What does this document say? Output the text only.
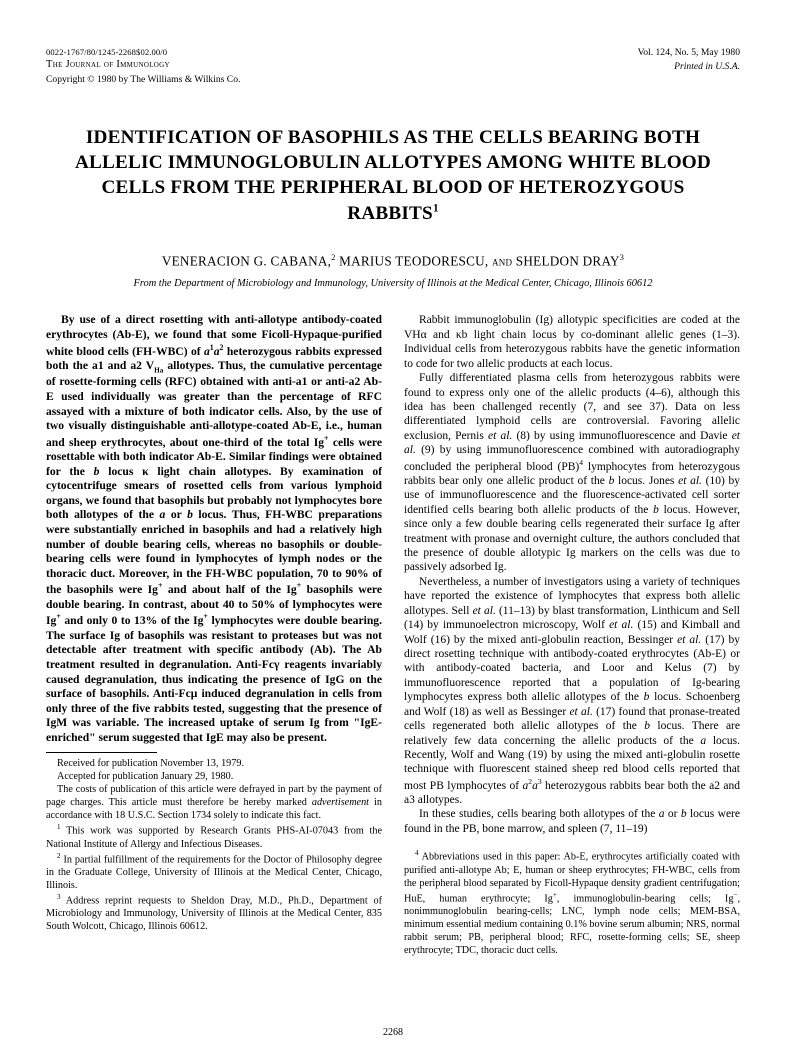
0022-1767/80/1245-2268$02.00/0
The Journal of Immunology
Copyright © 1980 by The Williams & Wilkins Co.
Vol. 124, No. 5, May 1980
Printed in U.S.A.
IDENTIFICATION OF BASOPHILS AS THE CELLS BEARING BOTH ALLELIC IMMUNOGLOBULIN ALLOTYPES AMONG WHITE BLOOD CELLS FROM THE PERIPHERAL BLOOD OF HETEROZYGOUS RABBITS$^1$
VENERACION G. CABANA,$^2$ MARIUS TEODORESCU, and SHELDON DRAY$^3$
From the Department of Microbiology and Immunology, University of Illinois at the Medical Center, Chicago, Illinois 60612
By use of a direct rosetting with anti-allotype antibody-coated erythrocytes (Ab-E), we found that some Ficoll-Hypaque-purified white blood cells (FH-WBC) of $a^1a^2$ heterozygous rabbits expressed both the a1 and a2 $V_{Ha}$ allotypes. Thus, the cumulative percentage of rosette-forming cells (RFC) obtained with anti-a1 or anti-a2 Ab-E used individually was greater than the percentage of RFC assayed with a mixture of both indicator cells. Also, by the use of two visually distinguishable anti-allotype-coated Ab-E, i.e., human and sheep erythrocytes, about one-third of the total Ig+ cells were rosettable with both indicator Ab-E. Similar findings were obtained for the b locus κ light chain allotypes. By examination of cytocentrifuge smears of rosetted cells from various lymphoid organs, we found that basophils but probably not lymphocytes bore both allotypes of the a or b locus. Thus, FH-WBC preparations were substantially enriched in basophils and had a relatively high number of double bearing cells, whereas no basophils or double-bearing cells were found in lymphocytes of lymph nodes or the thoracic duct. Moreover, in the FH-WBC population, 70 to 90% of the basophils were Ig+ and about half of the Ig+ basophils were double bearing. In contrast, about 40 to 50% of lymphocytes were Ig+ and only 0 to 13% of the Ig+ lymphocytes were double bearing. The surface Ig of basophils was resistant to proteases but was not detectable after treatment with specific antibody (Ab). The Ab treatment resulted in degranulation. Anti-Fcγ reagents invariably caused degranulation, thus indicating the presence of IgG on the surface of basophils. Anti-Fcμ induced degranulation in cells from only three of the five rabbits tested, suggesting that the presence of IgM was variable. The increased uptake of serum Ig from "IgE-enriched" serum suggested that IgE may also be present.

Received for publication November 13, 1979.

Accepted for publication January 29, 1980.

The costs of publication of this article were defrayed in part by the payment of page charges. This article must therefore be hereby marked advertisement in accordance with 18 U.S.C. Section 1734 solely to indicate this fact.

$^1$ This work was supported by Research Grants PHS-AI-07043 from the National Institute of Allergy and Infectious Diseases.

$^2$ In partial fulfillment of the requirements for the Doctor of Philosophy degree in the Graduate College, University of Illinois at the Medical Center, Chicago, Illinois.

$^3$ Address reprint requests to Sheldon Dray, M.D., Ph.D., Department of Microbiology and Immunology, University of Illinois at the Medical Center, 835 South Wolcott, Chicago, Illinois 60612.

Rabbit immunoglobulin (Ig) allotypic specificities are coded at the VHα and κb light chain locus by co-dominant allelic genes (1–3). Individual cells from heterozygous rabbits have the genetic information to code for two allelic products at each locus.

Fully differentiated plasma cells from heterozygous rabbits were found to express only one of the allelic products (4–6), although this idea has been challenged recently (7, and see 37). Data on less differentiated lymphoid cells are controversial. Favoring allelic exclusion, Pernis et al. (8) by using immunofluorescence and Davie et al. (9) by using immunofluorescence combined with autoradiography concluded the peripheral blood (PB)$^4$ lymphocytes from heterozygous rabbits bear only one allelic product of the b locus. Jones et al. (10) by use of immunofluorescence and the fluorescence-activated cell sorter identified cells bearing both allelic products of the b locus. However, since only a few double bearing cells regenerated their surface Ig after treatment with pronase and overnight culture, the authors concluded that the presence of double allotypic Ig markers on the cells was due to passively adsorbed Ig.

Nevertheless, a number of investigators using a variety of techniques have reported the existence of lymphocytes that express both allelic allotypes. Sell et al. (11–13) by blast transformation, Linthicum and Sell (14) by immunoelectron microscopy, Wolf et al. (15) and Kimball and Wolf (16) by the mixed anti-globulin reaction, Bessinger et al. (17) by direct rosetting technique with antibody-coated erythrocytes (Ab-E) or with antibody-coated bacteria, and Loor and Kelus (7) by immunofluorescence reported that a population of Ig-bearing lymphocytes express both allelic allotypes of the b locus. Schoenberg and Wolf (18) as well as Bessinger et al. (17) found that pronase-treated cells regenerated both allelic allotypes of the b locus. There are relatively few data concerning the allelic products of the a locus. Recently, Wolf and Wang (19) by using the mixed anti-globulin rosette technique with fluorescent stained sheep red blood cells reported that most PB lymphocytes of $a^2a^3$ heterozygous rabbits bear both the a2 and a3 allotypes.

In these studies, cells bearing both allotypes of the a or b locus were found in the PB, bone marrow, and spleen (7, 11–19)

$^4$ Abbreviations used in this paper: Ab-E, erythrocytes artificially coated with purified anti-allotype Ab; E, human or sheep erythrocytes; FH-WBC, cells from the peripheral blood separated by Ficoll-Hypaque density gradient centrifugation; HuE, human erythrocyte; Ig+, immunoglobulin-bearing cells; Ig−, nonimmunoglobulin bearing-cells; LNC, lymph node cells; MEM-BSA, minimum essential medium containing 0.1% bovine serum albumin; NRS, normal rabbit serum; PB, peripheral blood; RFC, rosette-forming cells; SE, sheep erythrocyte; TDC, thoracic duct cells.

2268
